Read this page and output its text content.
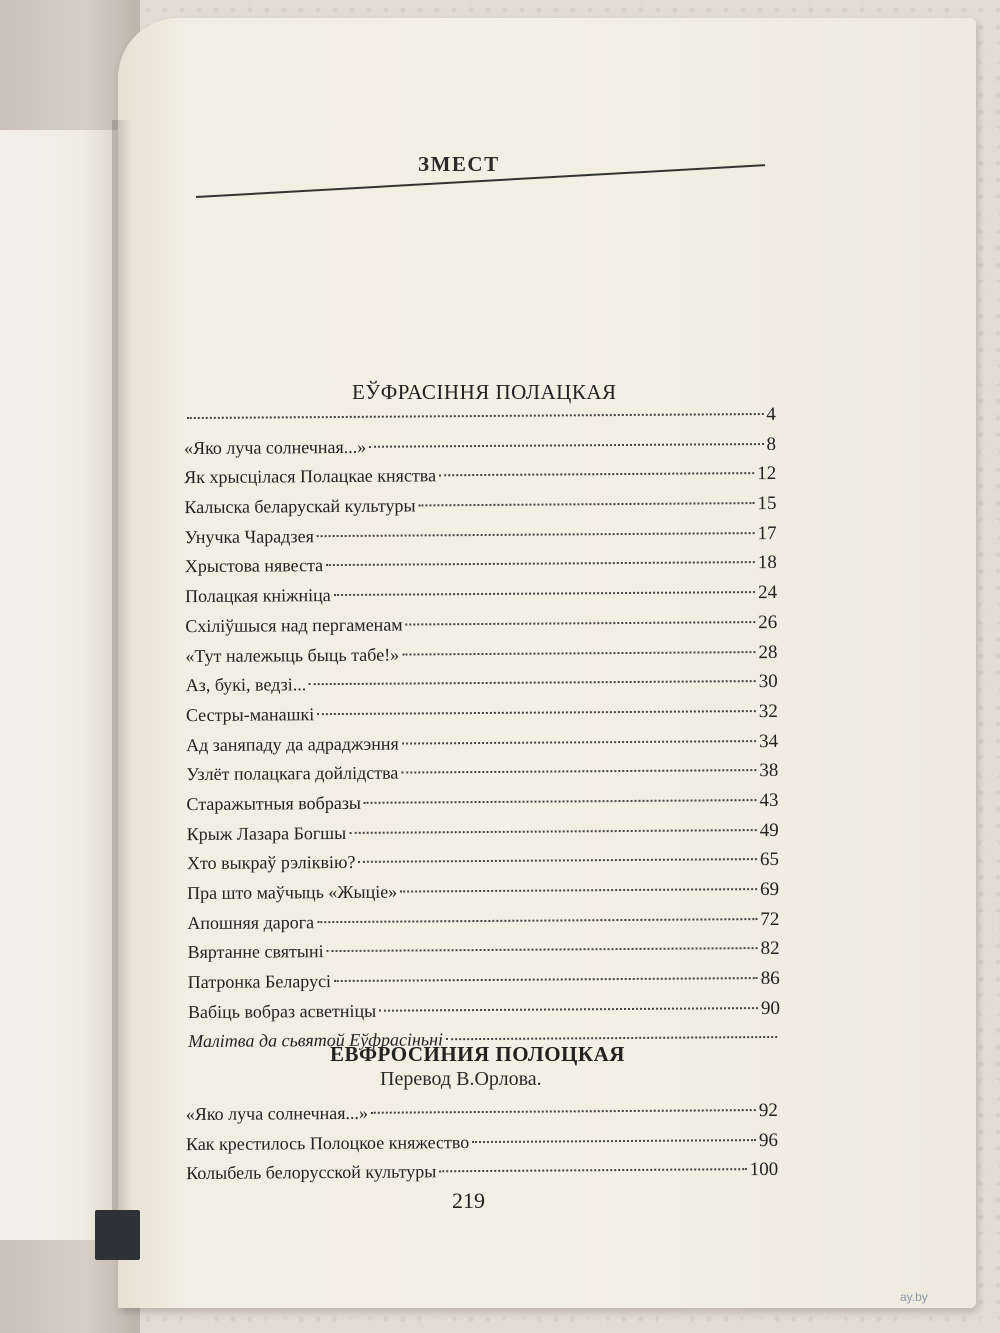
ЗМЕСТ
ЕЎФРАСІННЯ ПОЛАЦКАЯ
4
«Яко луча солнечная...»	8
Як хрысцілася Полацкае княства	12
Калыска беларускай культуры	15
Унучка Чарадзея	17
Хрыстова нявеста	18
Полацкая кніжніца	24
Схіліўшыся над пергаменам	26
«Тут належыць быць табе!»	28
Аз, букі, ведзі...	30
Сестры-манашкі	32
Ад заняпаду да адраджэння	34
Узлёт полацкага дойлідства	38
Старажытныя вобразы	43
Крыж Лазара Богшы	49
Хто выкраў рэліквію?	65
Пра што маўчыць «Жыціе»	69
Апошняя дарога	72
Вяртанне святыні	82
Патронка Беларусі	86
Вабіць вобраз асветніцы	90
Малітва да сьвятой Еўфрасіньні
ЕВФРОСИНИЯ ПОЛОЦКАЯ
Перевод В.Орлова.
«Яко луча солнечная...»	92
Как крестилось Полоцкое княжество	96
Колыбель белорусской культуры	100
219
ay.by
